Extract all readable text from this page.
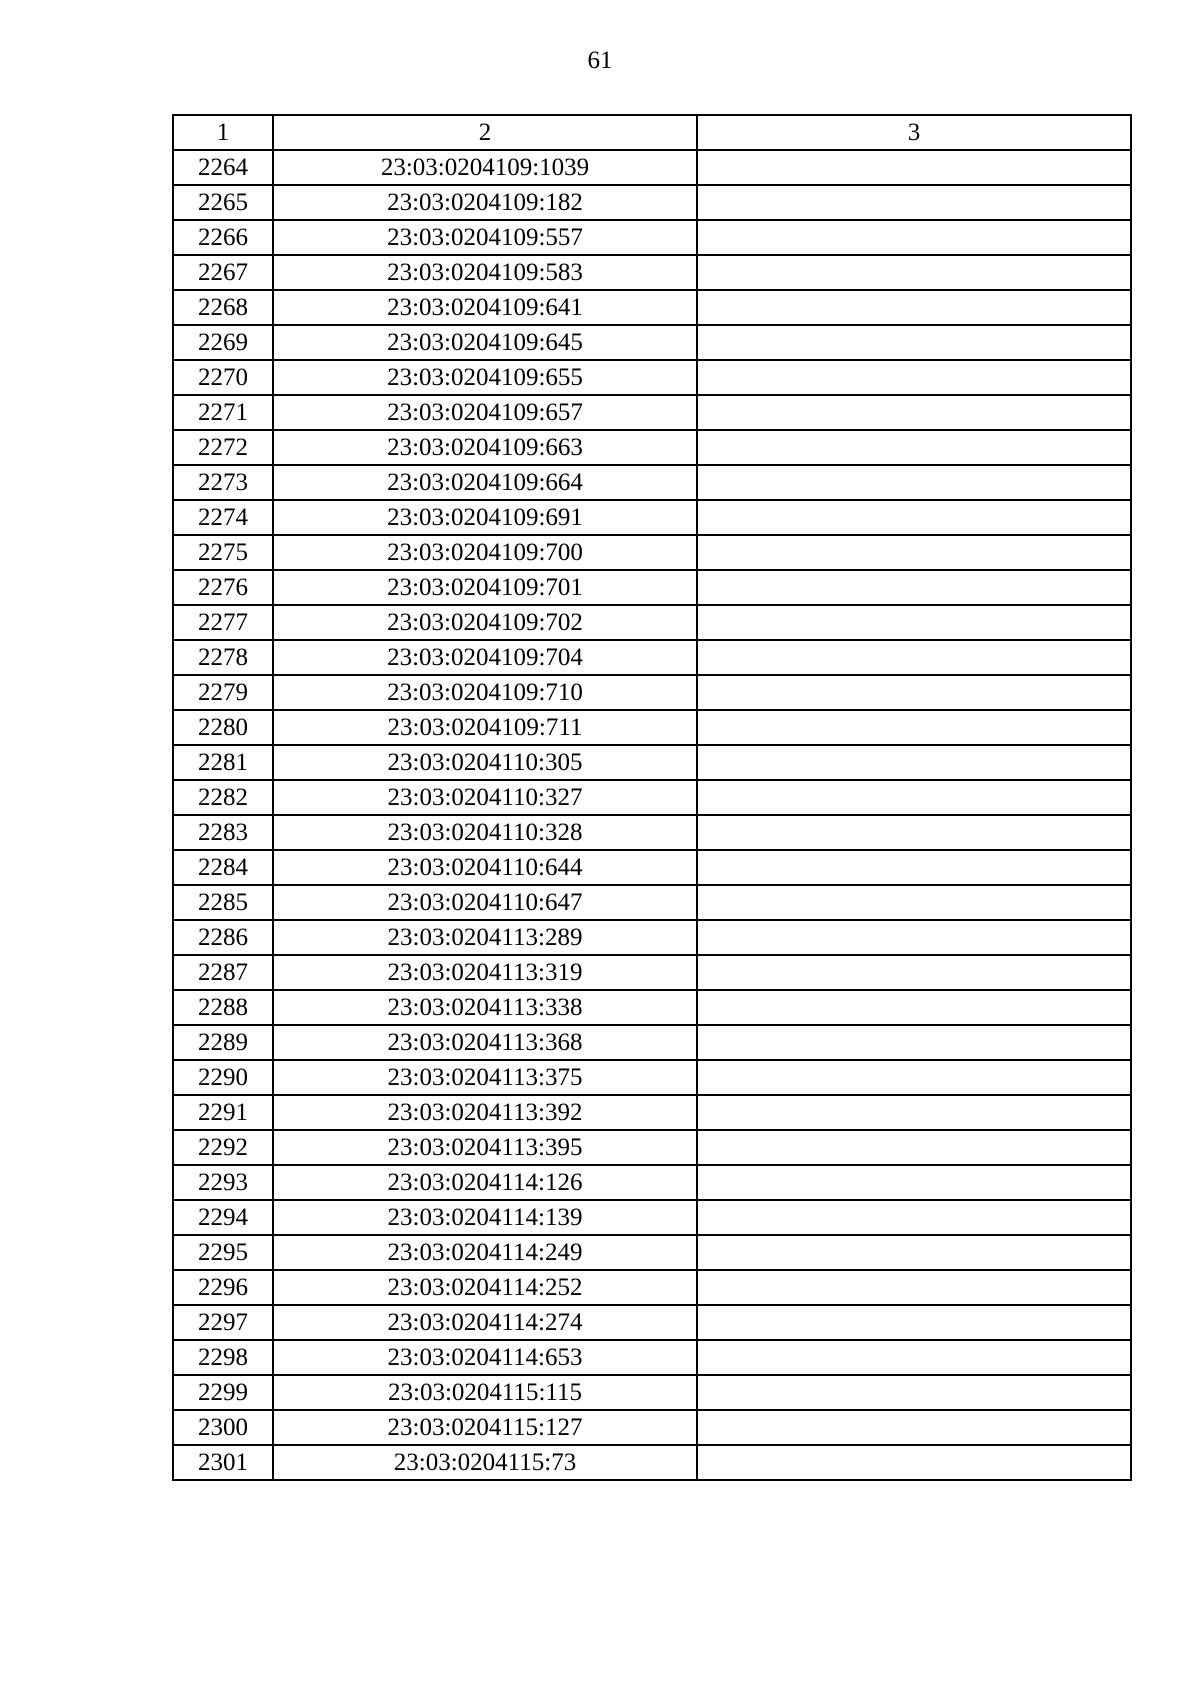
61
1	2	3
2264	23:03:0204109:1039	
2265	23:03:0204109:182	
2266	23:03:0204109:557	
2267	23:03:0204109:583	
2268	23:03:0204109:641	
2269	23:03:0204109:645	
2270	23:03:0204109:655	
2271	23:03:0204109:657	
2272	23:03:0204109:663	
2273	23:03:0204109:664	
2274	23:03:0204109:691	
2275	23:03:0204109:700	
2276	23:03:0204109:701	
2277	23:03:0204109:702	
2278	23:03:0204109:704	
2279	23:03:0204109:710	
2280	23:03:0204109:711	
2281	23:03:0204110:305	
2282	23:03:0204110:327	
2283	23:03:0204110:328	
2284	23:03:0204110:644	
2285	23:03:0204110:647	
2286	23:03:0204113:289	
2287	23:03:0204113:319	
2288	23:03:0204113:338	
2289	23:03:0204113:368	
2290	23:03:0204113:375	
2291	23:03:0204113:392	
2292	23:03:0204113:395	
2293	23:03:0204114:126	
2294	23:03:0204114:139	
2295	23:03:0204114:249	
2296	23:03:0204114:252	
2297	23:03:0204114:274	
2298	23:03:0204114:653	
2299	23:03:0204115:115	
2300	23:03:0204115:127	
2301	23:03:0204115:73	
